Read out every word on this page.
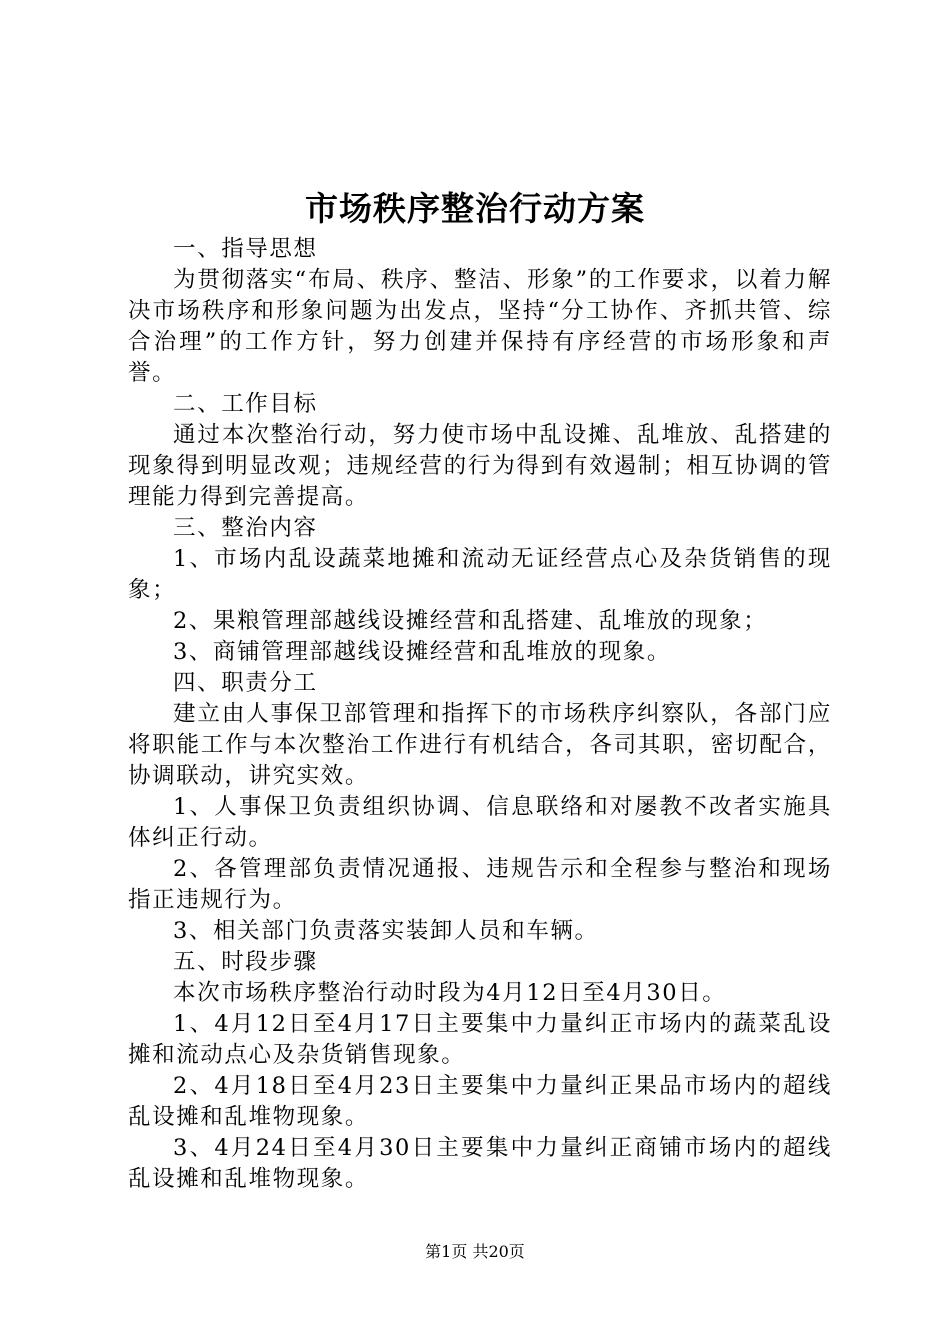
市场秩序整治行动方案
一、指导思想
为贯彻落实“布局、秩序、整洁、形象”的工作要求，以着力解决市场秩序和形象问题为出发点，坚持“分工协作、齐抓共管、综合治理”的工作方针，努力创建并保持有序经营的市场形象和声誉。
二、工作目标
通过本次整治行动，努力使市场中乱设摊、乱堆放、乱搭建的现象得到明显改观；违规经营的行为得到有效遏制；相互协调的管理能力得到完善提高。
三、整治内容
1、市场内乱设蔬菜地摊和流动无证经营点心及杂货销售的现象；
2、果粮管理部越线设摊经营和乱搭建、乱堆放的现象；
3、商铺管理部越线设摊经营和乱堆放的现象。
四、职责分工
建立由人事保卫部管理和指挥下的市场秩序纠察队，各部门应将职能工作与本次整治工作进行有机结合，各司其职，密切配合，协调联动，讲究实效。
1、人事保卫负责组织协调、信息联络和对屡教不改者实施具体纠正行动。
2、各管理部负责情况通报、违规告示和全程参与整治和现场指正违规行为。
3、相关部门负责落实装卸人员和车辆。
五、时段步骤
本次市场秩序整治行动时段为4月12日至4月30日。
1、4月12日至4月17日主要集中力量纠正市场内的蔬菜乱设摊和流动点心及杂货销售现象。
2、4月18日至4月23日主要集中力量纠正果品市场内的超线乱设摊和乱堆物现象。
3、4月24日至4月30日主要集中力量纠正商铺市场内的超线乱设摊和乱堆物现象。
第1页 共20页
